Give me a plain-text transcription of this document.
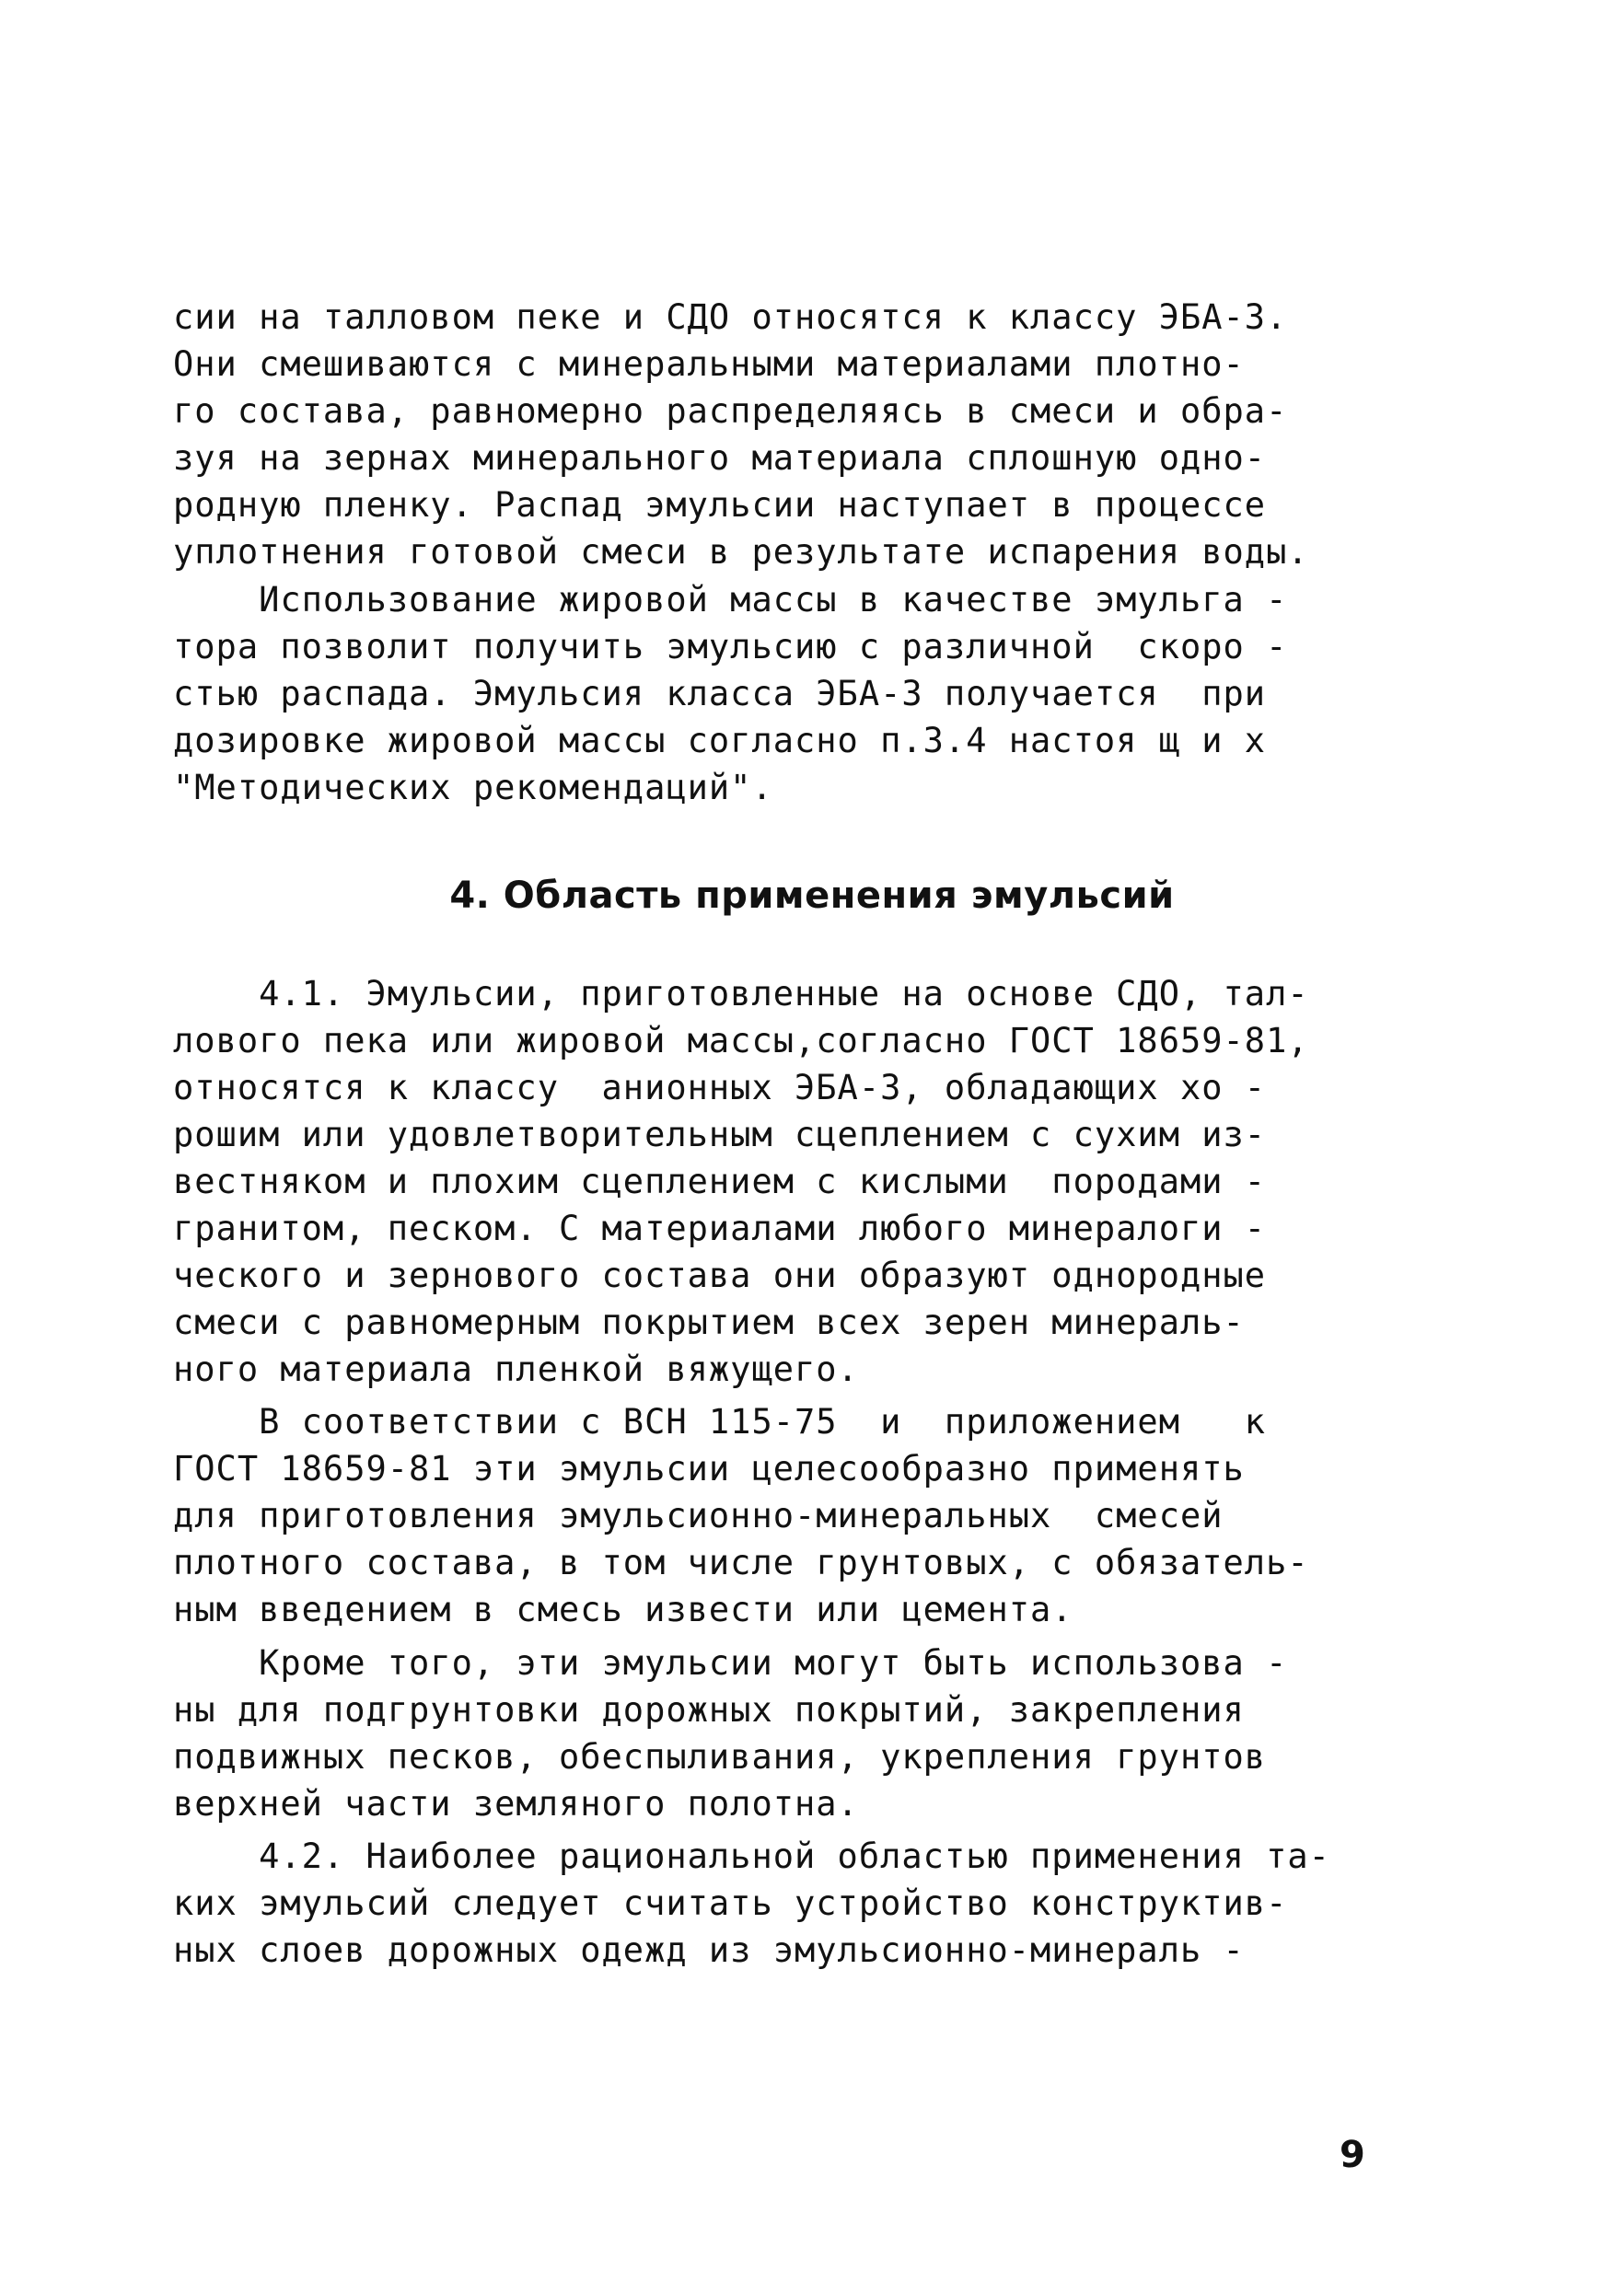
сии на талловом пеке и СДО относятся к классу ЭБА-3.
Они смешиваются с минеральными материалами плотно-
го состава, равномерно распределяясь в смеси и обра-
зуя на зернах минерального материала сплошную одно-
родную пленку. Распад эмульсии наступает в процессе
уплотнения готовой смеси в результате испарения воды.
Использование жировой массы в качестве эмульга -
тора позволит получить эмульсию с различной  скоро -
стью распада. Эмульсия класса ЭБА-3 получается  при
дозировке жировой массы согласно п.3.4 настоя щ и х
"Методических рекомендаций".
4. Область применения эмульсий
4.1. Эмульсии, приготовленные на основе СДО, тал-
лового пека или жировой массы,согласно ГОСТ 18659-81,
относятся к классу  анионных ЭБА-3, обладающих хо -
рошим или удовлетворительным сцеплением с сухим из-
вестняком и плохим сцеплением с кислыми  породами -
гранитом, песком. С материалами любого минералоги -
ческого и зернового состава они образуют однородные
смеси с равномерным покрытием всех зерен минераль-
ного материала пленкой вяжущего.
В соответствии с ВСН 115-75  и  приложением   к
ГОСТ 18659-81 эти эмульсии целесообразно применять
для приготовления эмульсионно-минеральных  смесей
плотного состава, в том числе грунтовых, с обязатель-
ным введением в смесь извести или цемента.
Кроме того, эти эмульсии могут быть использова -
ны для подгрунтовки дорожных покрытий, закрепления
подвижных песков, обеспыливания, укрепления грунтов
верхней части земляного полотна.
4.2. Наиболее рациональной областью применения та-
ких эмульсий следует считать устройство конструктив-
ных слоев дорожных одежд из эмульсионно-минераль -
9
